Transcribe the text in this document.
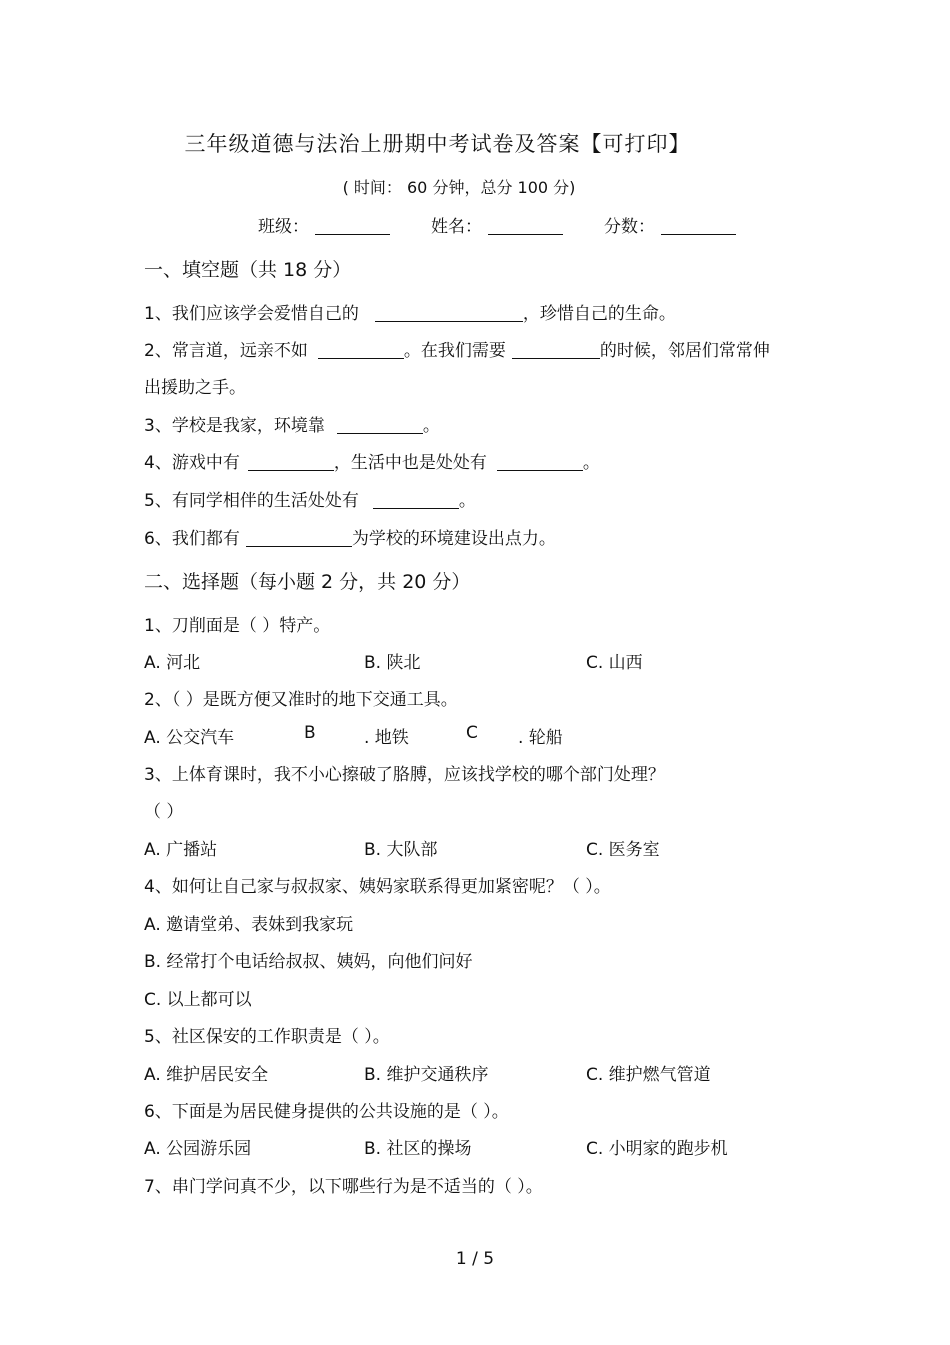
三年级道德与法治上册期中考试卷及答案【可打印】
( 时间： 60 分钟，总分 100 分)
班级：	姓名：	分数：
一、填空题（共 18 分）
1、我们应该学会爱惜自己的	，珍惜自己的生命。
2、常言道，远亲不如	。在我们需要	的时候，邻居们常常伸
出援助之手。
3、学校是我家，环境靠	。
4、游戏中有	，生活中也是处处有	。
5、有同学相伴的生活处处有	。
6、我们都有	为学校的环境建设出点力。
二、选择题（每小题 2 分，共 20 分）
1、刀削面是（ ）特产。
A. 河北	B. 陕北	C. 山西
2、（ ）是既方便又准时的地下交通工具。
A. 公交汽车	B	. 地铁	C . 轮船
3、上体育课时，我不小心擦破了胳膊，应该找学校的哪个部门处理？
（ ）
A. 广播站	B. 大队部	C. 医务室
4、如何让自己家与叔叔家、姨妈家联系得更加紧密呢？（ ）。
A. 邀请堂弟、表妹到我家玩
B. 经常打个电话给叔叔、姨妈，向他们问好
C. 以上都可以
5、社区保安的工作职责是（ ）。
A. 维护居民安全	B. 维护交通秩序	C. 维护燃气管道
6、下面是为居民健身提供的公共设施的是（ ）。
A. 公园游乐园	B. 社区的操场	C. 小明家的跑步机
7、串门学问真不少，以下哪些行为是不适当的（ ）。
1 / 5
